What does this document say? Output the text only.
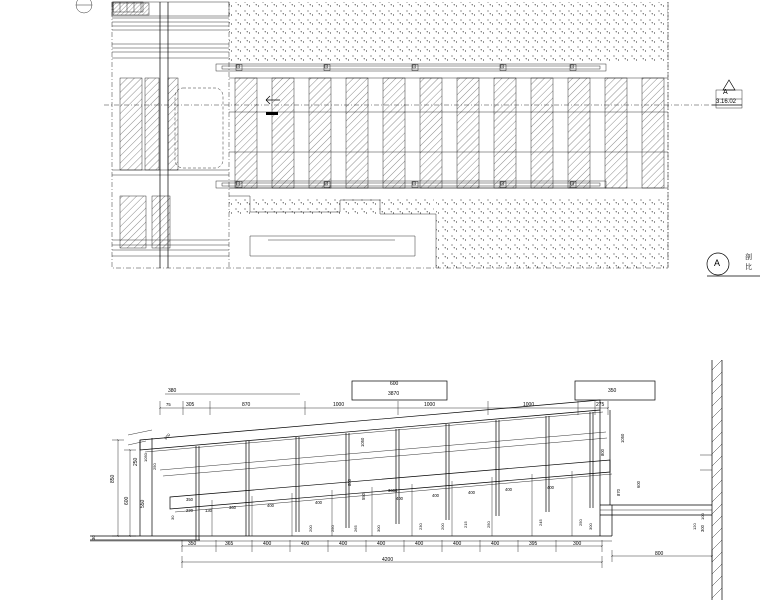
A
3.16.02
A
剖
比
600
3870	350
380
75	305	870	1000	1000	1000	275
850
600 550
250
30
350
220	130
360	400
400
400
400
400
400	400
1050
800
550
3660
350	365	400	400	400	400	400	400	400	395	300
4200
800
870
600
800
1050
300
200	250	265	300	230	200	215	250	245	250
250
1050
600
30
120
100
300
⊡	⊡	⊡	⊡	⊡
⊡	⊡	⊡	⊡	⊡
